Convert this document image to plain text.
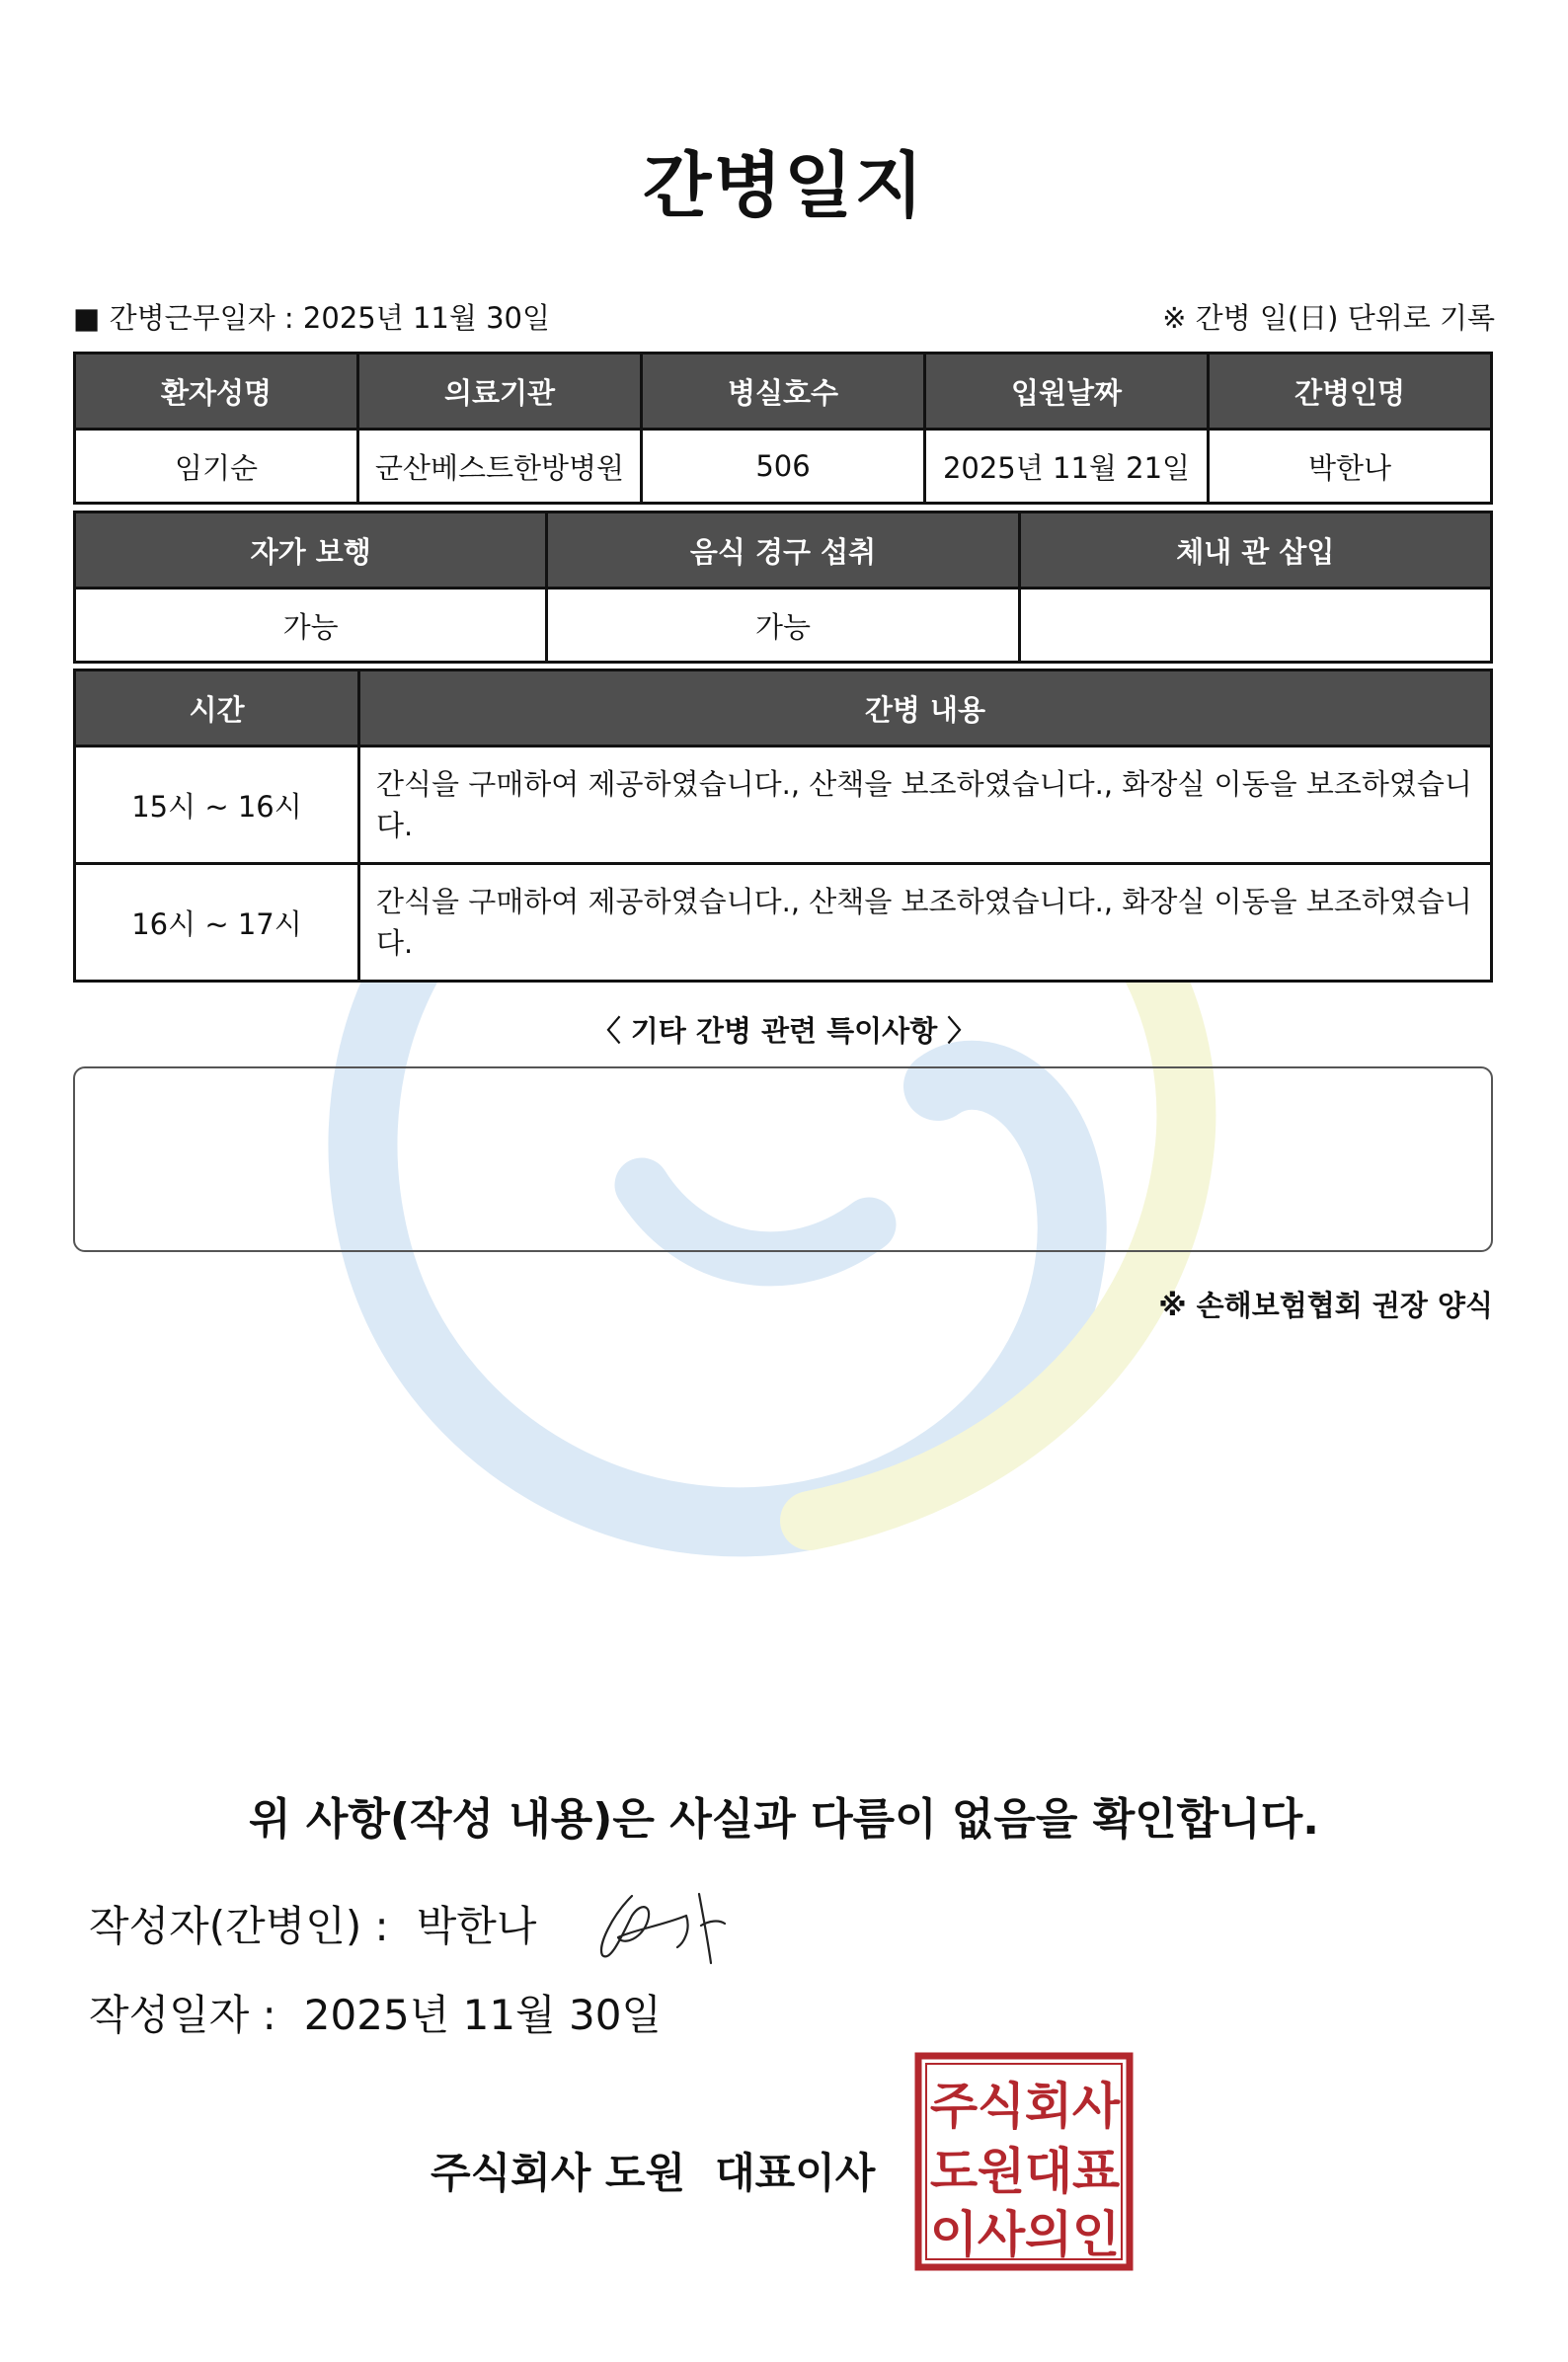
간병일지
■ 간병근무일자 : 2025년 11월 30일	※ 간병 일(日) 단위로 기록
환자성명	의료기관	병실호수	입원날짜	간병인명
임기순	군산베스트한방병원	506	2025년 11월 21일	박한나
자가 보행	음식 경구 섭취	체내 관 삽입
가능	가능	
시간	간병 내용
15시 ~ 16시	간식을 구매하여 제공하였습니다., 산책을 보조하였습니다., 화장실 이동을 보조하였습니다.
16시 ~ 17시	간식을 구매하여 제공하였습니다., 산책을 보조하였습니다., 화장실 이동을 보조하였습니다.
〈 기타 간병 관련 특이사항 〉
※ 손해보험협회 권장 양식
위 사항(작성 내용)은 사실과 다름이 없음을 확인합니다.
작성자(간병인) : 박한나
작성일자 : 2025년 11월 30일
주식회사 도원 대표이사
주 식 회 사
도 원 대 표
이 사 의 인
